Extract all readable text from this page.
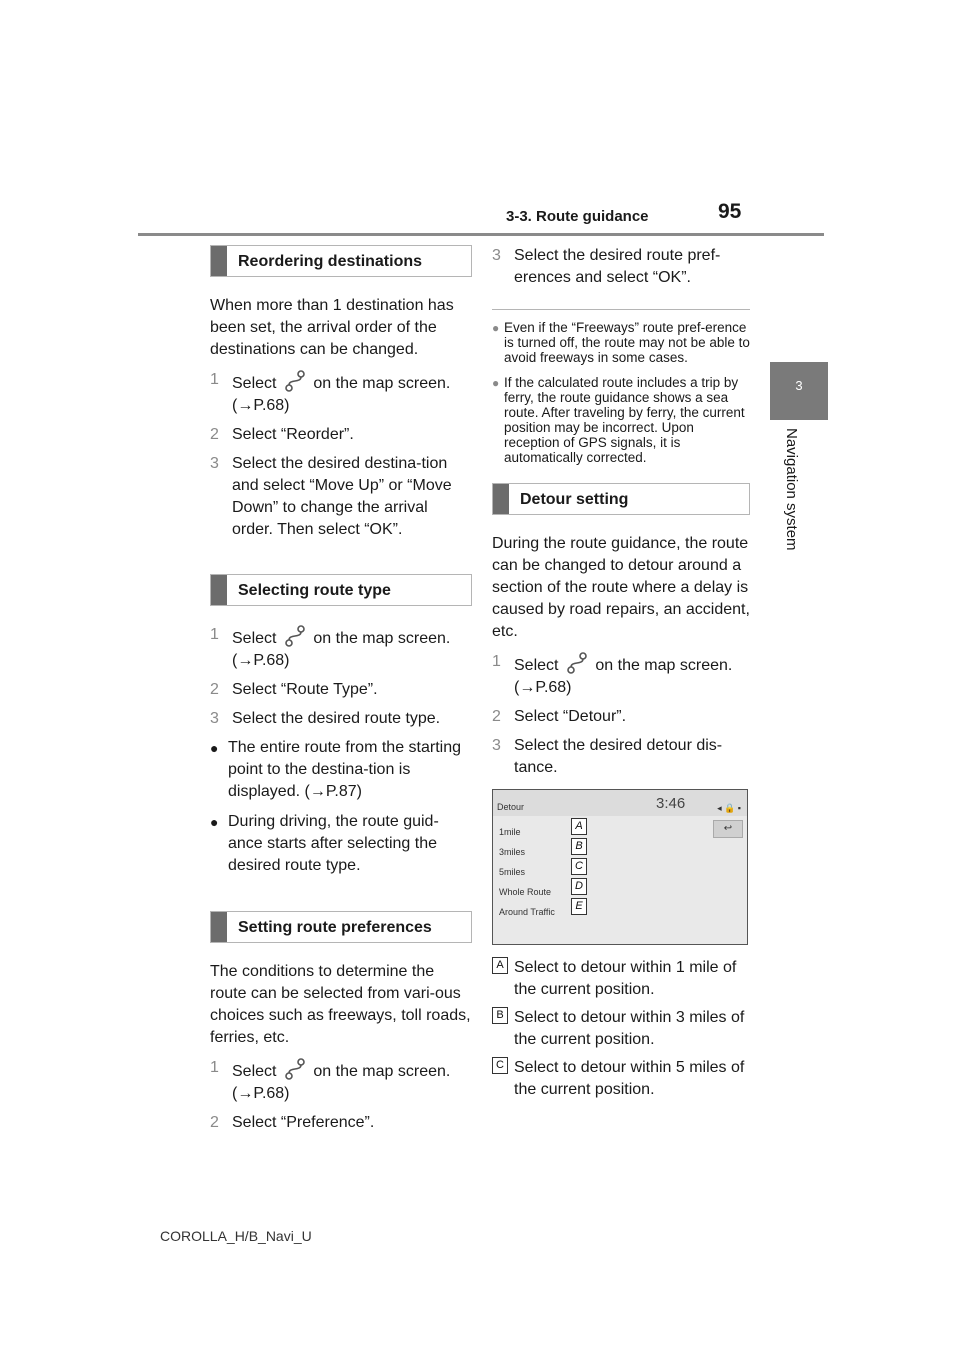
3-3. Route guidance	95
3
Navigation system
Reordering destinations

When more than 1 destination has been set, the arrival order of the destinations can be changed.

1 Select on the map screen. (→P.68)
2 Select “Reorder”.
3 Select the desired destina-tion and select “Move Up” or “Move Down” to change the arrival order. Then select “OK”.
Selecting route type
1 Select on the map screen. (→P.68)
2 Select “Route Type”.
3 Select the desired route type.
● The entire route from the starting point to the destina-tion is displayed. (→P.87)
● During driving, the route guid-ance starts after selecting the desired route type.
Setting route preferences

The conditions to determine the route can be selected from vari-ous choices such as freeways, toll roads, ferries, etc.

1 Select on the map screen. (→P.68)
2 Select “Preference”.
3 Select the desired route pref-erences and select “OK”.
● Even if the “Freeways” route pref-erence is turned off, the route may not be able to avoid freeways in some cases.
● If the calculated route includes a trip by ferry, the route guidance shows a sea route. After traveling by ferry, the current position may be incorrect. Upon reception of GPS signals, it is automatically corrected.
Detour setting

During the route guidance, the route can be changed to detour around a section of the route where a delay is caused by road repairs, an accident, etc.

1 Select on the map screen. (→P.68)
2 Select “Detour”.
3 Select the desired detour dis-tance.
Detour	3:46	◂ 🔒 ▪
↩
1mile	A
3miles	B
5miles	C
Whole Route	D
Around Traffic	E
A Select to detour within 1 mile of the current position.
B Select to detour within 3 miles of the current position.
C Select to detour within 5 miles of the current position.
COROLLA_H/B_Navi_U
